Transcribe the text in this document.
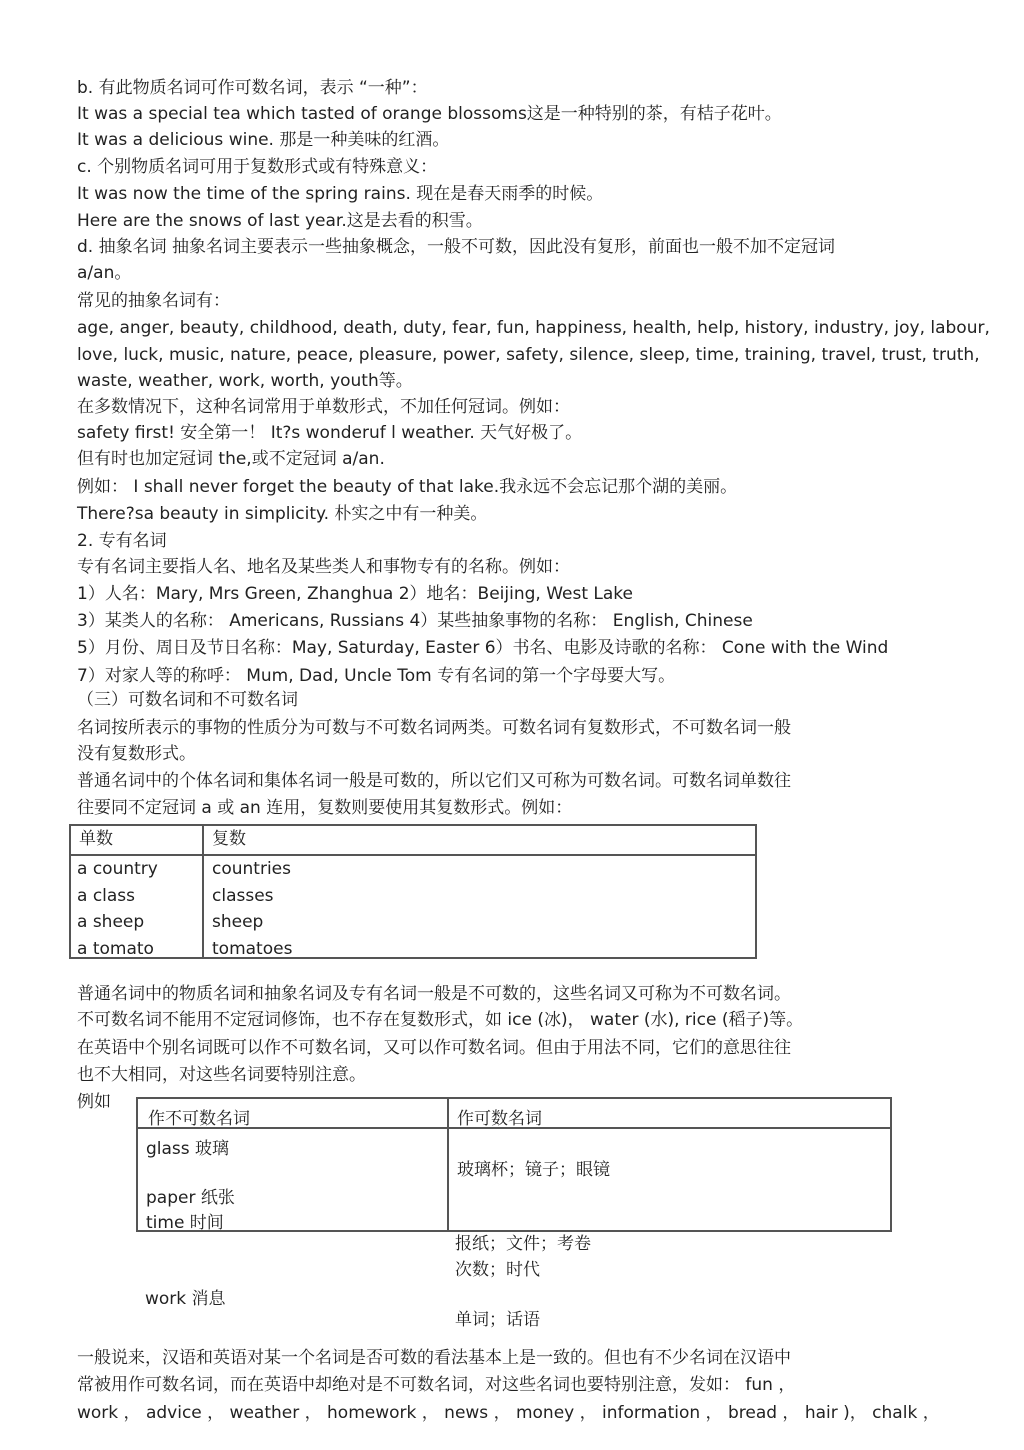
b. 有此物质名词可作可数名词，表示 “一种”：
It was a special tea which tasted of orange blossoms这是一种特别的茶，有桔子花叶。
It was a delicious wine. 那是一种美味的红酒。
c. 个别物质名词可用于复数形式或有特殊意义：
It was now the time of the spring rains. 现在是春天雨季的时候。
Here are the snows of last year.这是去看的积雪。
d. 抽象名词 抽象名词主要表示一些抽象概念，一般不可数，因此没有复形，前面也一般不加不定冠词
a/an。
常见的抽象名词有：
age, anger, beauty, childhood, death, duty, fear, fun, happiness, health, help, history, industry, joy, labour,
love, luck, music, nature, peace, pleasure, power, safety, silence, sleep, time, training, travel, trust, truth,
waste, weather, work, worth, youth等。
在多数情况下，这种名词常用于单数形式，不加任何冠词。例如：
safety first! 安全第一！ It?s wonderuf l weather. 天气好极了。
但有时也加定冠词 the,或不定冠词 a/an.
例如： I shall never forget the beauty of that lake.我永远不会忘记那个湖的美丽。
There?sa beauty in simplicity. 朴实之中有一种美。
2. 专有名词
专有名词主要指人名、地名及某些类人和事物专有的名称。例如：
1）人名：Mary, Mrs Green, Zhanghua 2）地名：Beijing, West Lake
3）某类人的名称： Americans, Russians 4）某些抽象事物的名称： English, Chinese
5）月份、周日及节日名称：May, Saturday, Easter 6）书名、电影及诗歌的名称： Cone with the Wind
7）对家人等的称呼： Mum, Dad, Uncle Tom 专有名词的第一个字母要大写。
（三）可数名词和不可数名词
名词按所表示的事物的性质分为可数与不可数名词两类。可数名词有复数形式，不可数名词一般
没有复数形式。
普通名词中的个体名词和集体名词一般是可数的，所以它们又可称为可数名词。可数名词单数往
往要同不定冠词 a 或 an 连用，复数则要使用其复数形式。例如：
单数	复数
a country
a class
a sheep
a tomato
countries
classes
sheep
tomatoes
普通名词中的物质名词和抽象名词及专有名词一般是不可数的，这些名词又可称为不可数名词。
不可数名词不能用不定冠词修饰，也不存在复数形式，如 ice (冰)， water (水), rice (稻子)等。
在英语中个别名词既可以作不可数名词，又可以作可数名词。但由于用法不同，它们的意思往往
也不大相同，对这些名词要特别注意。
例如
作不可数名词	作可数名词
glass 玻璃
玻璃杯；镜子；眼镜
paper 纸张
time 时间
报纸；文件；考卷
次数；时代
work 消息
单词；话语
一般说来，汉语和英语对某一个名词是否可数的看法基本上是一致的。但也有不少名词在汉语中
常被用作可数名词，而在英语中却绝对是不可数名词，对这些名词也要特别注意，发如： fun ，
work ， advice ， weather ， homework ， news ， money ， information ， bread ， hair )， chalk ，
